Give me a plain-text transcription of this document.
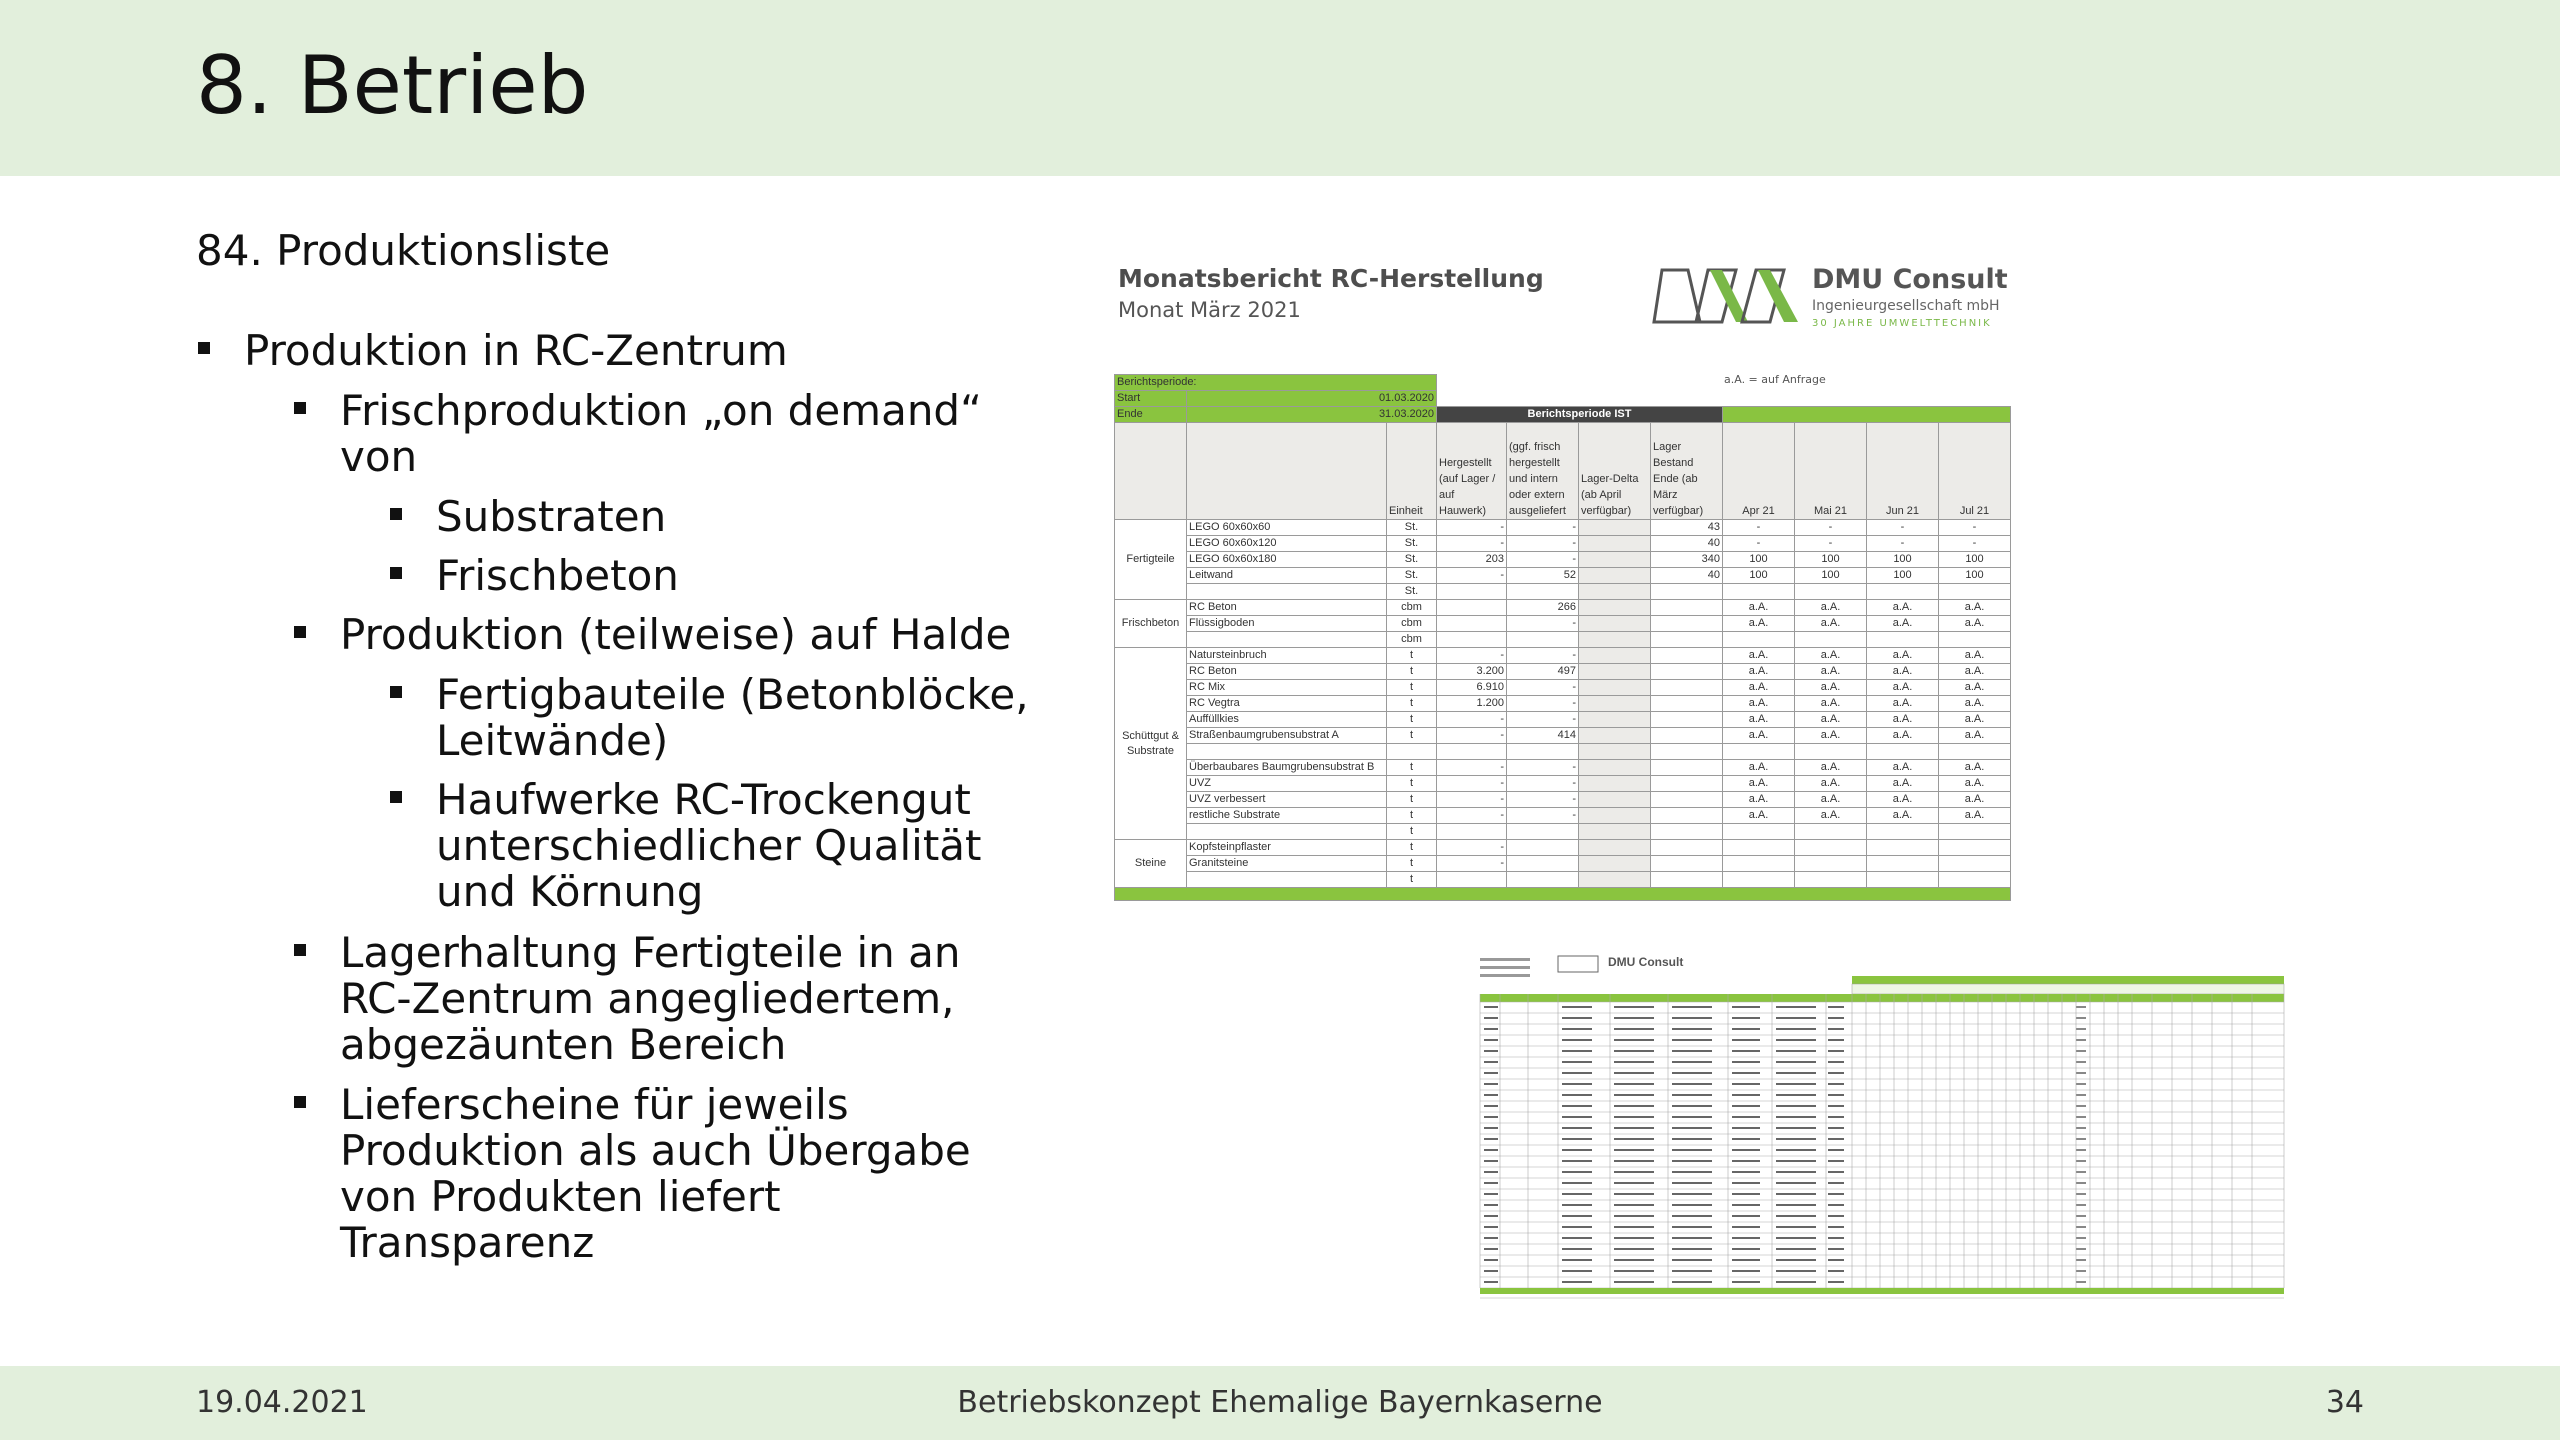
8. Betrieb
84. Produktionsliste
Produktion in RC-Zentrum
Frischproduktion „on demand“ von
Substraten
Frischbeton
Produktion (teilweise) auf Halde
Fertigbauteile (Betonblöcke, Leitwände)
Haufwerke RC-Trockengut unterschiedlicher Qualität und Körnung
Lagerhaltung Fertigteile in an RC-Zentrum angegliedertem, abgezäunten Bereich
Lieferscheine für jeweils Produktion als auch Übergabe von Produkten liefert Transparenz
Monatsbericht RC-Herstellung
Monat März 2021
DMU Consult
Ingenieurgesellschaft mbH
30 JAHRE UMWELTTECHNIK
a.A. = auf Anfrage
Berichtsperiode:										
Start	01.03.2020									
Ende	31.03.2020		Berichtsperiode IST							
		Einheit	Hergestellt (auf Lager / auf Hauwerk)	(ggf. frisch hergestellt und intern oder extern ausgeliefert	Lager-Delta (ab April verfügbar)	Lager Bestand Ende (ab März verfügbar)	Apr 21	Mai 21	Jun 21	Jul 21
Fertigteile	LEGO 60x60x60	St.	-	-		43	-	-	-	-
	LEGO 60x60x120	St.	-	-		40	-	-	-	-
	LEGO 60x60x180	St.	203	-		340	100	100	100	100
	Leitwand	St.	-	52		40	100	100	100	100
		St.								
Frischbeton	RC Beton	cbm		266			a.A.	a.A.	a.A.	a.A.
	Flüssigboden	cbm		-			a.A.	a.A.	a.A.	a.A.
		cbm								
Schüttgut & Substrate	Natursteinbruch	t	-	-			a.A.	a.A.	a.A.	a.A.
	RC Beton	t	3.200	497			a.A.	a.A.	a.A.	a.A.
	RC Mix	t	6.910	-			a.A.	a.A.	a.A.	a.A.
	RC Vegtra	t	1.200	-			a.A.	a.A.	a.A.	a.A.
	Auffüllkies	t	-	-			a.A.	a.A.	a.A.	a.A.
	Straßenbaumgrubensubstrat A	t	-	414			a.A.	a.A.	a.A.	a.A.

	Überbaubares Baumgrubensubstrat B	t	-	-			a.A.	a.A.	a.A.	a.A.
	UVZ	t	-	-			a.A.	a.A.	a.A.	a.A.
	UVZ verbessert	t	-	-			a.A.	a.A.	a.A.	a.A.
	restliche Substrate	t	-	-			a.A.	a.A.	a.A.	a.A.
		t								
Steine	Kopfsteinpflaster	t	-							
	Granitsteine	t	-							
		t								

DMU Consult
19.04.2021	Betriebskonzept Ehemalige Bayernkaserne	34
